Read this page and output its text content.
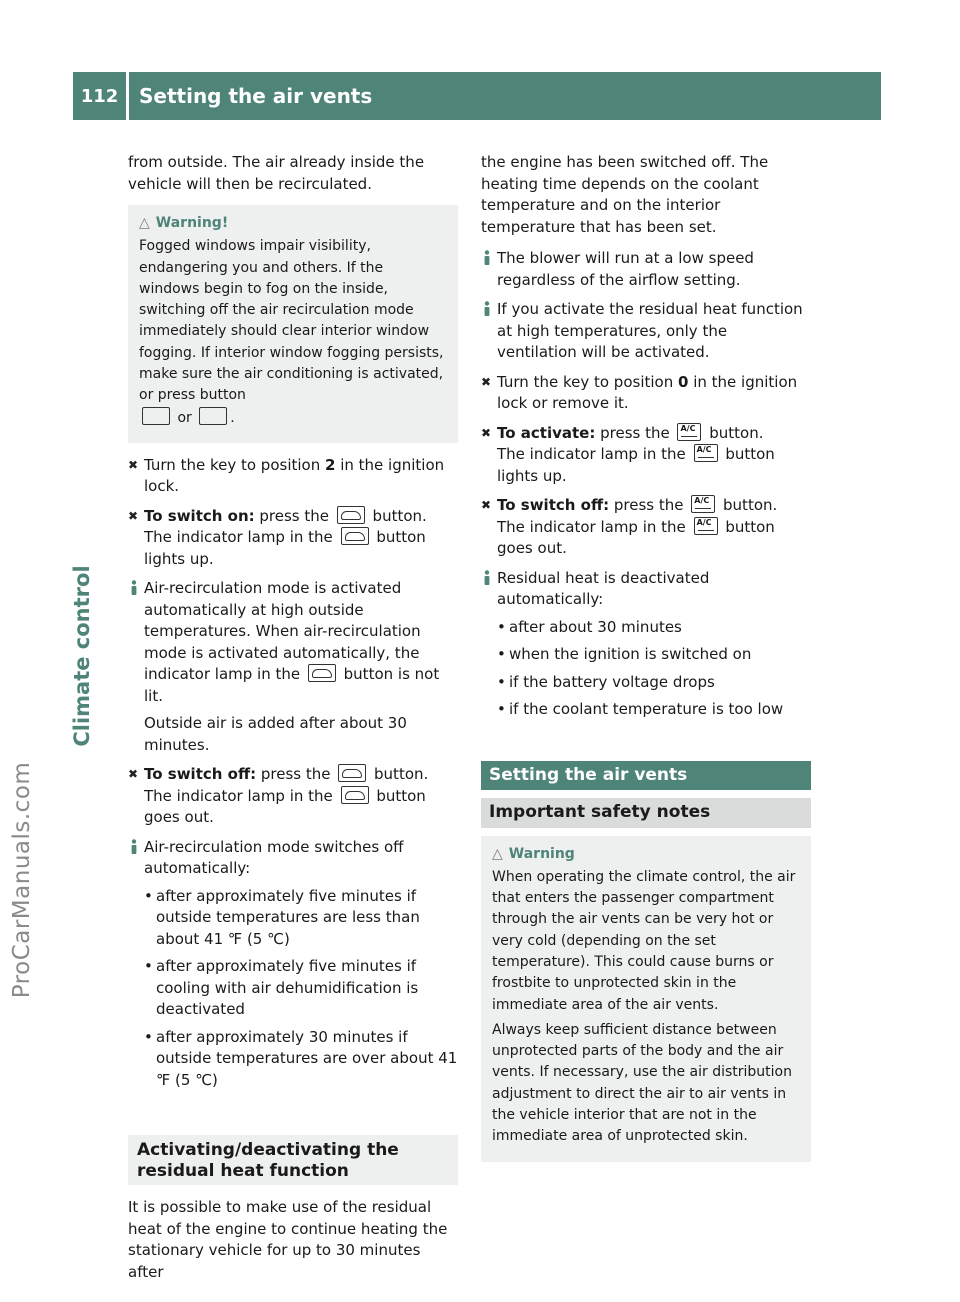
112	Setting the air vents
Climate control
ProCarManuals.com

from outside. The air already inside the vehicle will then be recirculated.

△ Warning!

Fogged windows impair visibility, endangering you and others. If the windows begin to fog on the inside, switching off the air recirculation mode immediately should clear interior window fogging. If interior window fogging persists, make sure the air conditioning is activated, or press button
or	.

✖ Turn the key to position 2 in the ignition lock.
✖ To switch on: press the  button.
The indicator lamp in the  button lights up.

Air-recirculation mode is activated automatically at high outside temperatures. When air-recirculation mode is activated automatically, the indicator lamp in the  button is not lit.

Outside air is added after about 30 minutes.

✖ To switch off: press the  button.
The indicator lamp in the  button goes out.

Air-recirculation mode switches off automatically:

• after approximately five minutes if outside temperatures are less than about 41 ℉ (5 ℃)
• after approximately five minutes if cooling with air dehumidification is deactivated
• after approximately 30 minutes if outside temperatures are over about 41 ℉ (5 ℃)
Activating/deactivating the residual heat function

It is possible to make use of the residual heat of the engine to continue heating the stationary vehicle for up to 30 minutes after

the engine has been switched off. The heating time depends on the coolant temperature and on the interior temperature that has been set.

The blower will run at a low speed regardless of the airflow setting.

If you activate the residual heat function at high temperatures, only the ventilation will be activated.

✖ Turn the key to position 0 in the ignition lock or remove it.
✖ To activate: press the A/C button.
The indicator lamp in the A/C button lights up.
✖ To switch off: press the A/C button.
The indicator lamp in the A/C button goes out.

Residual heat is deactivated automatically:

• after about 30 minutes
• when the ignition is switched on
• if the battery voltage drops
• if the coolant temperature is too low
Setting the air vents
Important safety notes
△ Warning

When operating the climate control, the air that enters the passenger compartment through the air vents can be very hot or very cold (depending on the set temperature). This could cause burns or frostbite to unprotected skin in the immediate area of the air vents.

Always keep sufficient distance between unprotected parts of the body and the air vents. If necessary, use the air distribution adjustment to direct the air to air vents in the vehicle interior that are not in the immediate area of unprotected skin.
